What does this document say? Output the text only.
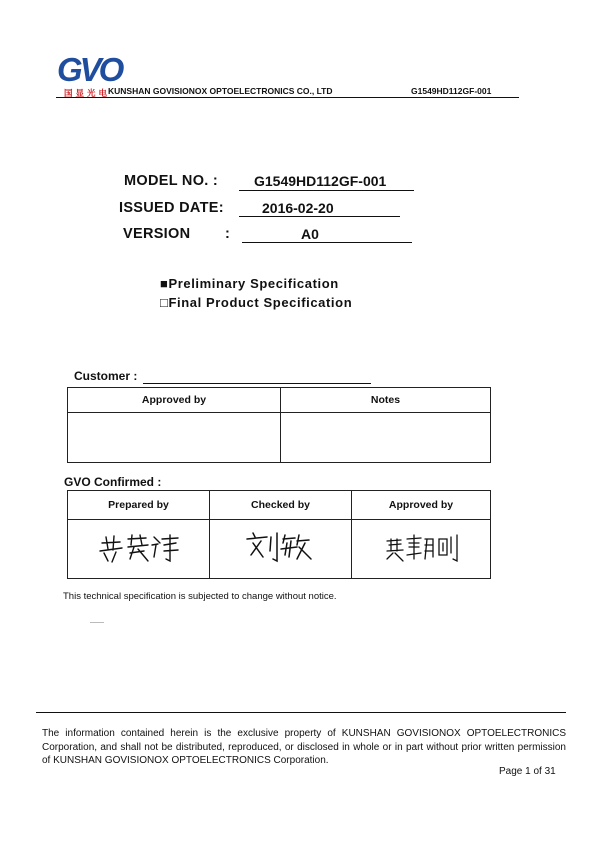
GVO
国显光电
KUNSHAN GOVISIONOX OPTOELECTRONICS CO., LTD	G1549HD112GF-001
MODEL NO. :	G1549HD112GF-001
ISSUED DATE:	2016-02-20
VERSION :	A0
■Preliminary Specification
□Final Product Specification
Customer :
Approved by	Notes

GVO Confirmed :
Prepared by	Checked by	Approved by

This technical specification is subjected to change without notice.
The information contained herein is the exclusive property of KUNSHAN GOVISIONOX OPTOELECTRONICS Corporation, and shall not be distributed, reproduced, or disclosed in whole or in part without prior written permission of KUNSHAN GOVISIONOX OPTOELECTRONICS Corporation.
Page 1 of 31
